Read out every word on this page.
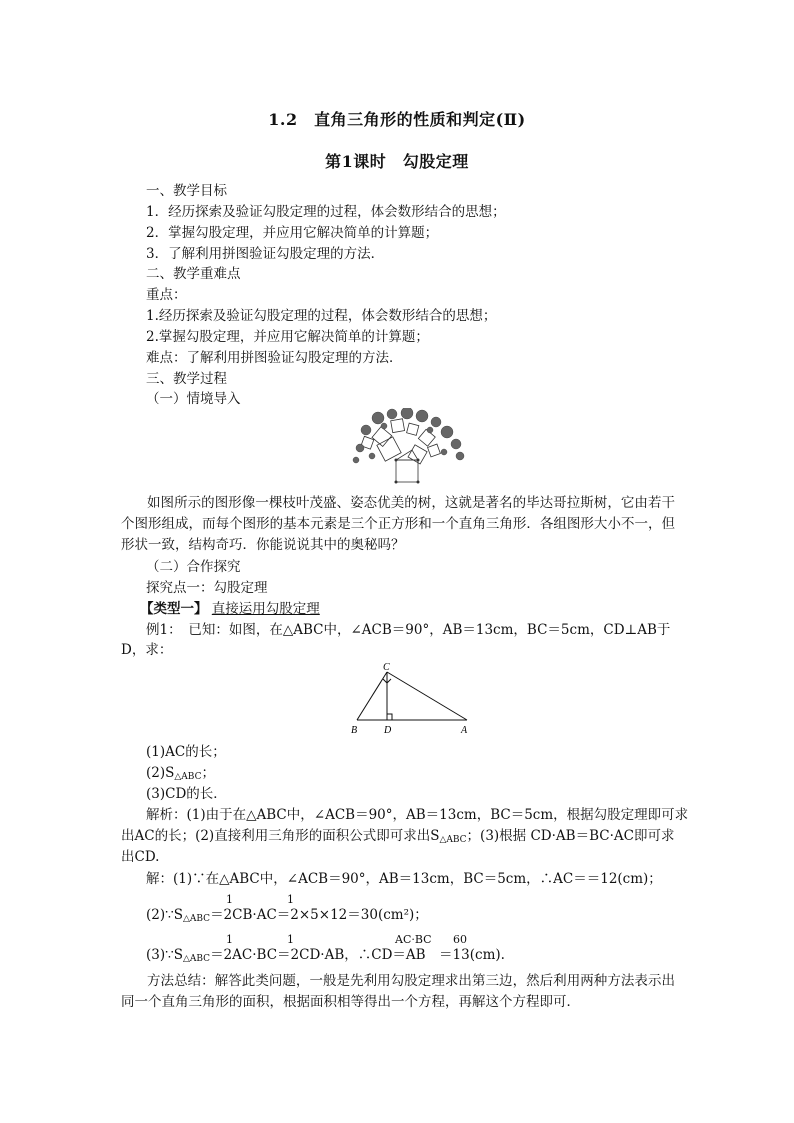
1.2　直角三角形的性质和判定(Ⅱ)
第1课时　勾股定理
一、教学目标
1．经历探索及验证勾股定理的过程，体会数形结合的思想；
2．掌握勾股定理，并应用它解决简单的计算题；
3．了解利用拼图验证勾股定理的方法．
二、教学重难点
重点：
1.经历探索及验证勾股定理的过程，体会数形结合的思想；
2.掌握勾股定理，并应用它解决简单的计算题；
难点：了解利用拼图验证勾股定理的方法．
三、教学过程
（一）情境导入
如图所示的图形像一棵枝叶茂盛、姿态优美的树，这就是著名的毕达哥拉斯树，它由若干个图形组成，而每个图形的基本元素是三个正方形和一个直角三角形．各组图形大小不一，但形状一致，结构奇巧．你能说说其中的奥秘吗？
（二）合作探究
探究点一：勾股定理
【类型一】 直接运用勾股定理
例1：　已知：如图，在△ABC中，∠ACB＝90°，AB＝13cm，BC＝5cm，CD⊥AB于
D，求：
C
B	D	A
(1)AC的长；
$(2)S_{\triangle ABC}$；
(3)CD的长．
解析：(1)由于在△ABC中，∠ACB＝90°，AB＝13cm，BC＝5cm，根据勾股定理即可求
出AC的长；(2)直接利用三角形的面积公式即可求出$S_{\triangle ABC}$；(3)根据 CD·AB＝BC·AC即可求
出CD.
解：(1)∵在△ABC中，∠ACB＝90°，AB＝13cm，BC＝5cm，∴AC＝＝12(cm)；
1	1
$(2)\because S_{\triangle ABC}=2CB\cdot AC=2\times 5\times 12=30(cm^2)$；
1	1	AC·BC 60
$(3)\because S_{\triangle ABC}=2AC\cdot BC=2CD\cdot AB$，∴CD＝AB　＝13(cm).
方法总结：解答此类问题，一般是先利用勾股定理求出第三边，然后利用两种方法表示出同一个直角三角形的面积，根据面积相等得出一个方程，再解这个方程即可．
